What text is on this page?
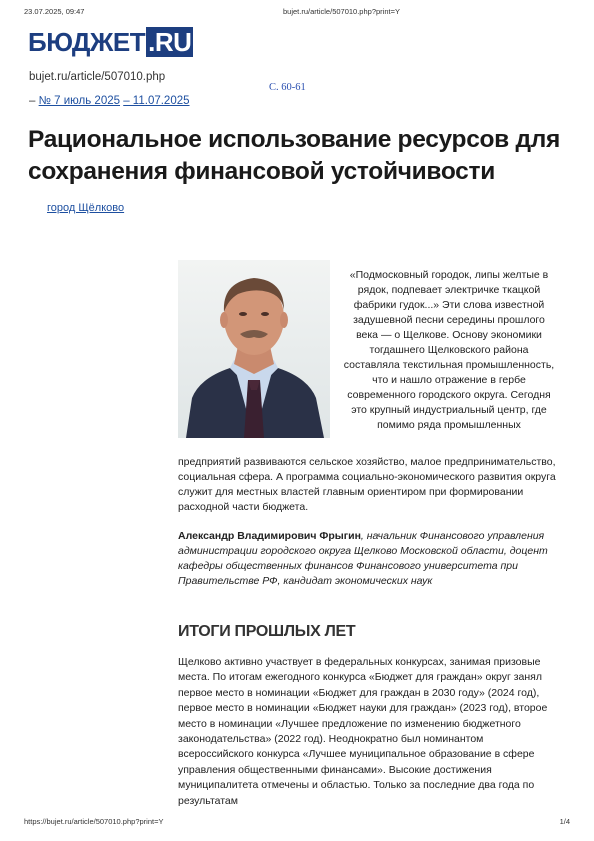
23.07.2025, 09:47	bujet.ru/article/507010.php?print=Y
БЮДЖЕТ .RU
bujet.ru/article/507010.php
С. 60-61
– № 7 июль 2025 – 11.07.2025
Рациональное использование ресурсов для сохранения финансовой устойчивости
город Щёлково

«Подмосковный городок, липы желтые в рядок, подпевает электричке ткацкой фабрики гудок...» Эти слова известной задушевной песни середины прошлого века — о Щелкове. Основу экономики тогдашнего Щелковского района составляла текстильная промышленность, что и нашло отражение в гербе современного городского округа. Сегодня это крупный индустриальный центр, где помимо ряда промышленных

предприятий развиваются сельское хозяйство, малое предпринимательство, социальная сфера. А программа социально-экономического развития округа служит для местных властей главным ориентиром при формировании расходной части бюджета.

Александр Владимирович Фрыгин, начальник Финансового управления администрации городского округа Щелково Московской области, доцент кафедры общественных финансов Финансового университета при Правительстве РФ, кандидат экономических наук

ИТОГИ ПРОШЛЫХ ЛЕТ

Щелково активно участвует в федеральных конкурсах, занимая призовые места. По итогам ежегодного конкурса «Бюджет для граждан» округ занял первое место в номинации «Бюджет для граждан в 2030 году» (2024 год), первое место в номинации «Бюджет науки для граждан» (2023 год), второе место в номинации «Лучшее предложение по изменению бюджетного законодательства» (2022 год). Неоднократно был номинантом всероссийского конкурса «Лучшее муниципальное образование в сфере управления общественными финансами». Высокие достижения муниципалитета отмечены и областью. Только за последние два года по результатам

https://bujet.ru/article/507010.php?print=Y	1/4
